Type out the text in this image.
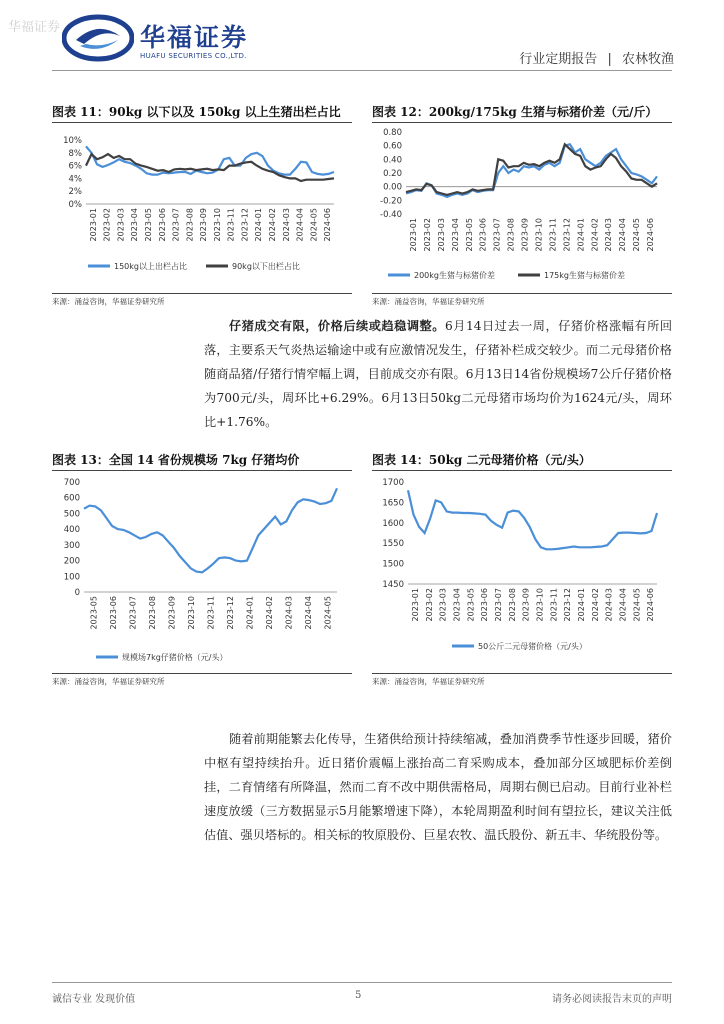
华福证券	华福证券
HUAFU SECURITIES CO.,LTD.	行业定期报告 | 农林牧渔
图表 11：90kg 以下以及 150kg 以上生猪出栏占比
0%
2%
4%
6%
8%
10%
2023-01 2023-02 2023-03 2023-04 2023-05 2023-06 2023-07 2023-08 2023-09 2023-10 2023-11 2023-12 2024-01 2024-02 2024-03 2024-04 2024-05 2024-06
150kg以上出栏占比	90kg以下出栏占比
来源：涌益咨询，华福证券研究所
图表 12：200kg/175kg 生猪与标猪价差（元/斤）
-0.40
-0.20
0.00
0.20
0.40
0.60
0.80
2023-01 2023-02 2023-03 2023-04 2023-05 2023-06 2023-07 2023-08 2023-09 2023-10 2023-11 2023-12 2024-01 2024-02 2024-03 2024-04 2024-05 2024-06
200kg生猪与标猪价差	175kg生猪与标猪价差
来源：涌益咨询，华福证券研究所
仔猪成交有限，价格后续或趋稳调整。6月14日过去一周，仔猪价格涨幅有所回落，主要系天气炎热运输途中或有应激情况发生，仔猪补栏成交较少。而二元母猪价格随商品猪/仔猪行情窄幅上调，目前成交亦有限。6月13日14省份规模场7公斤仔猪价格为700元/头，周环比+6.29%。6月13日50kg二元母猪市场均价为1624元/头，周环比+1.76%。
图表 13：全国 14 省份规模场 7kg 仔猪均价
0
100
200
300
400
500
600
700
2023-05 2023-06 2023-07 2023-08 2023-09 2023-10 2023-11 2023-12 2024-01 2024-02 2024-03 2024-04 2024-05
规模场7kg仔猪价格（元/头）
来源：涌益咨询，华福证券研究所
图表 14：50kg 二元母猪价格（元/头）
1450
1500
1550
1600
1650
1700
2023-01 2023-02 2023-03 2023-04 2023-05 2023-06 2023-07 2023-08 2023-09 2023-10 2023-11 2023-12 2024-01 2024-02 2024-03 2024-04 2024-05 2024-06
50公斤二元母猪价格（元/头）
来源：涌益咨询，华福证券研究所
随着前期能繁去化传导，生猪供给预计持续缩减，叠加消费季节性逐步回暖，猪价中枢有望持续抬升。近日猪价震幅上涨抬高二育采购成本，叠加部分区域肥标价差倒挂，二育情绪有所降温，然而二育不改中期供需格局，周期右侧已启动。目前行业补栏速度放缓（三方数据显示5月能繁增速下降），本轮周期盈利时间有望拉长，建议关注低估值、强贝塔标的。相关标的牧原股份、巨星农牧、温氏股份、新五丰、华统股份等。
诚信专业 发现价值	5	请务必阅读报告末页的声明
